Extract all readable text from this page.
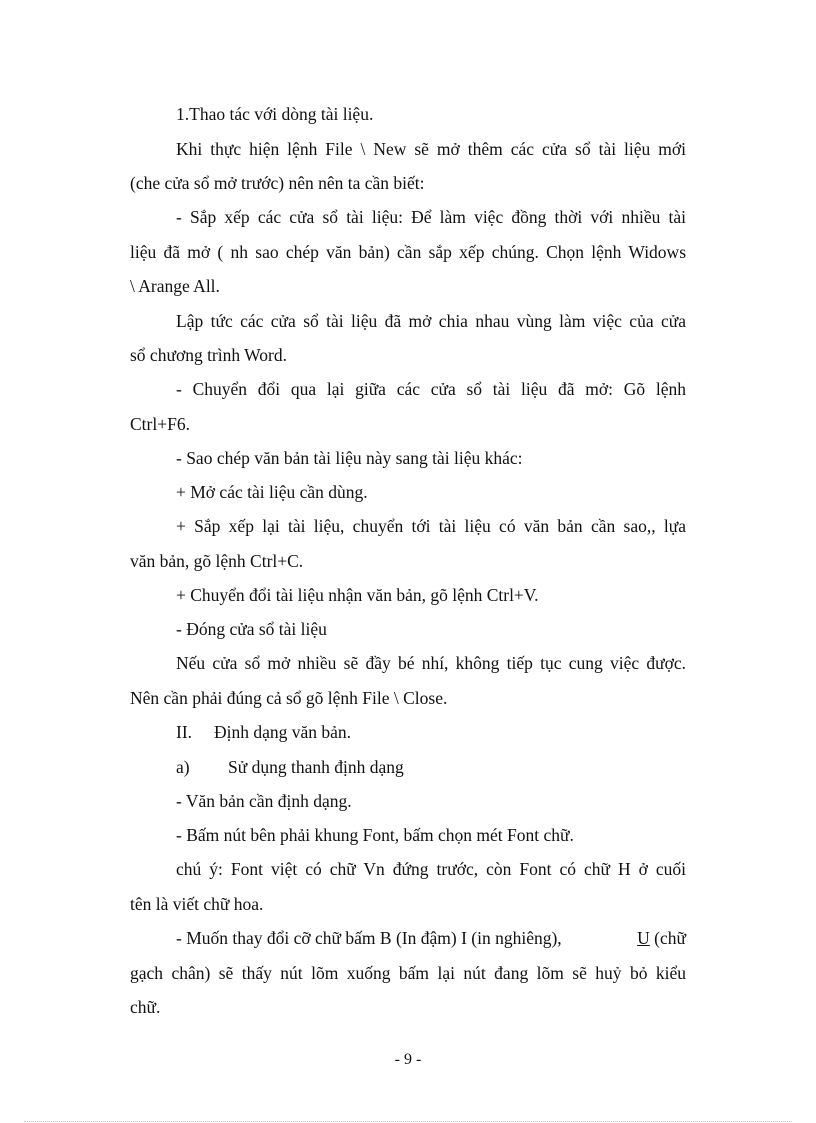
1.Thao tác với dòng tài liệu.
Khi thực hiện lệnh File \ New sẽ mở thêm các cửa sổ tài liệu mới
(che cửa sổ mở trước) nên nên ta cần biết:
- Sắp xếp các cửa sổ tài liệu: Để làm việc đồng thời với nhiều tài
liệu đã mở ( nh sao chép văn bản) cần sắp xếp chúng. Chọn lệnh Widows
\ Arange All.
Lập tức các cửa sổ tài liệu đã mở chia nhau vùng làm việc của cửa
sổ chương trình Word.
- Chuyển đổi qua lại giữa các cửa sổ tài liệu đã mở: Gõ lệnh
Ctrl+F6.
- Sao chép văn bản tài liệu này sang tài liệu khác:
+ Mở các tài liệu cần dùng.
+ Sắp xếp lại tài liệu, chuyển tới tài liệu có văn bản cần sao,, lựa
văn bản, gõ lệnh Ctrl+C.
+ Chuyển đổi tài liệu nhận văn bản, gõ lệnh Ctrl+V.
- Đóng cửa sổ tài liệu
Nếu cửa sổ mở nhiều sẽ đầy bé nhí, không tiếp tục cung việc được.
Nên cần phải đúng cả sổ gõ lệnh File \ Close.
II. Định dạng văn bản.
a) Sử dụng thanh định dạng
- Văn bản cần định dạng.
- Bấm nút bên phải khung Font, bấm chọn mét Font chữ.
chú ý: Font việt có chữ Vn đứng trước, còn Font có chữ H ở cuối
tên là viết chữ hoa.
- Muốn thay đổi cỡ chữ bấm B (In đậm) I (in nghiêng),	U (chữ
gạch chân) sẽ thấy nút lõm xuống bấm lại nút đang lõm sẽ huỷ bỏ kiểu
chữ.
- 9 -
